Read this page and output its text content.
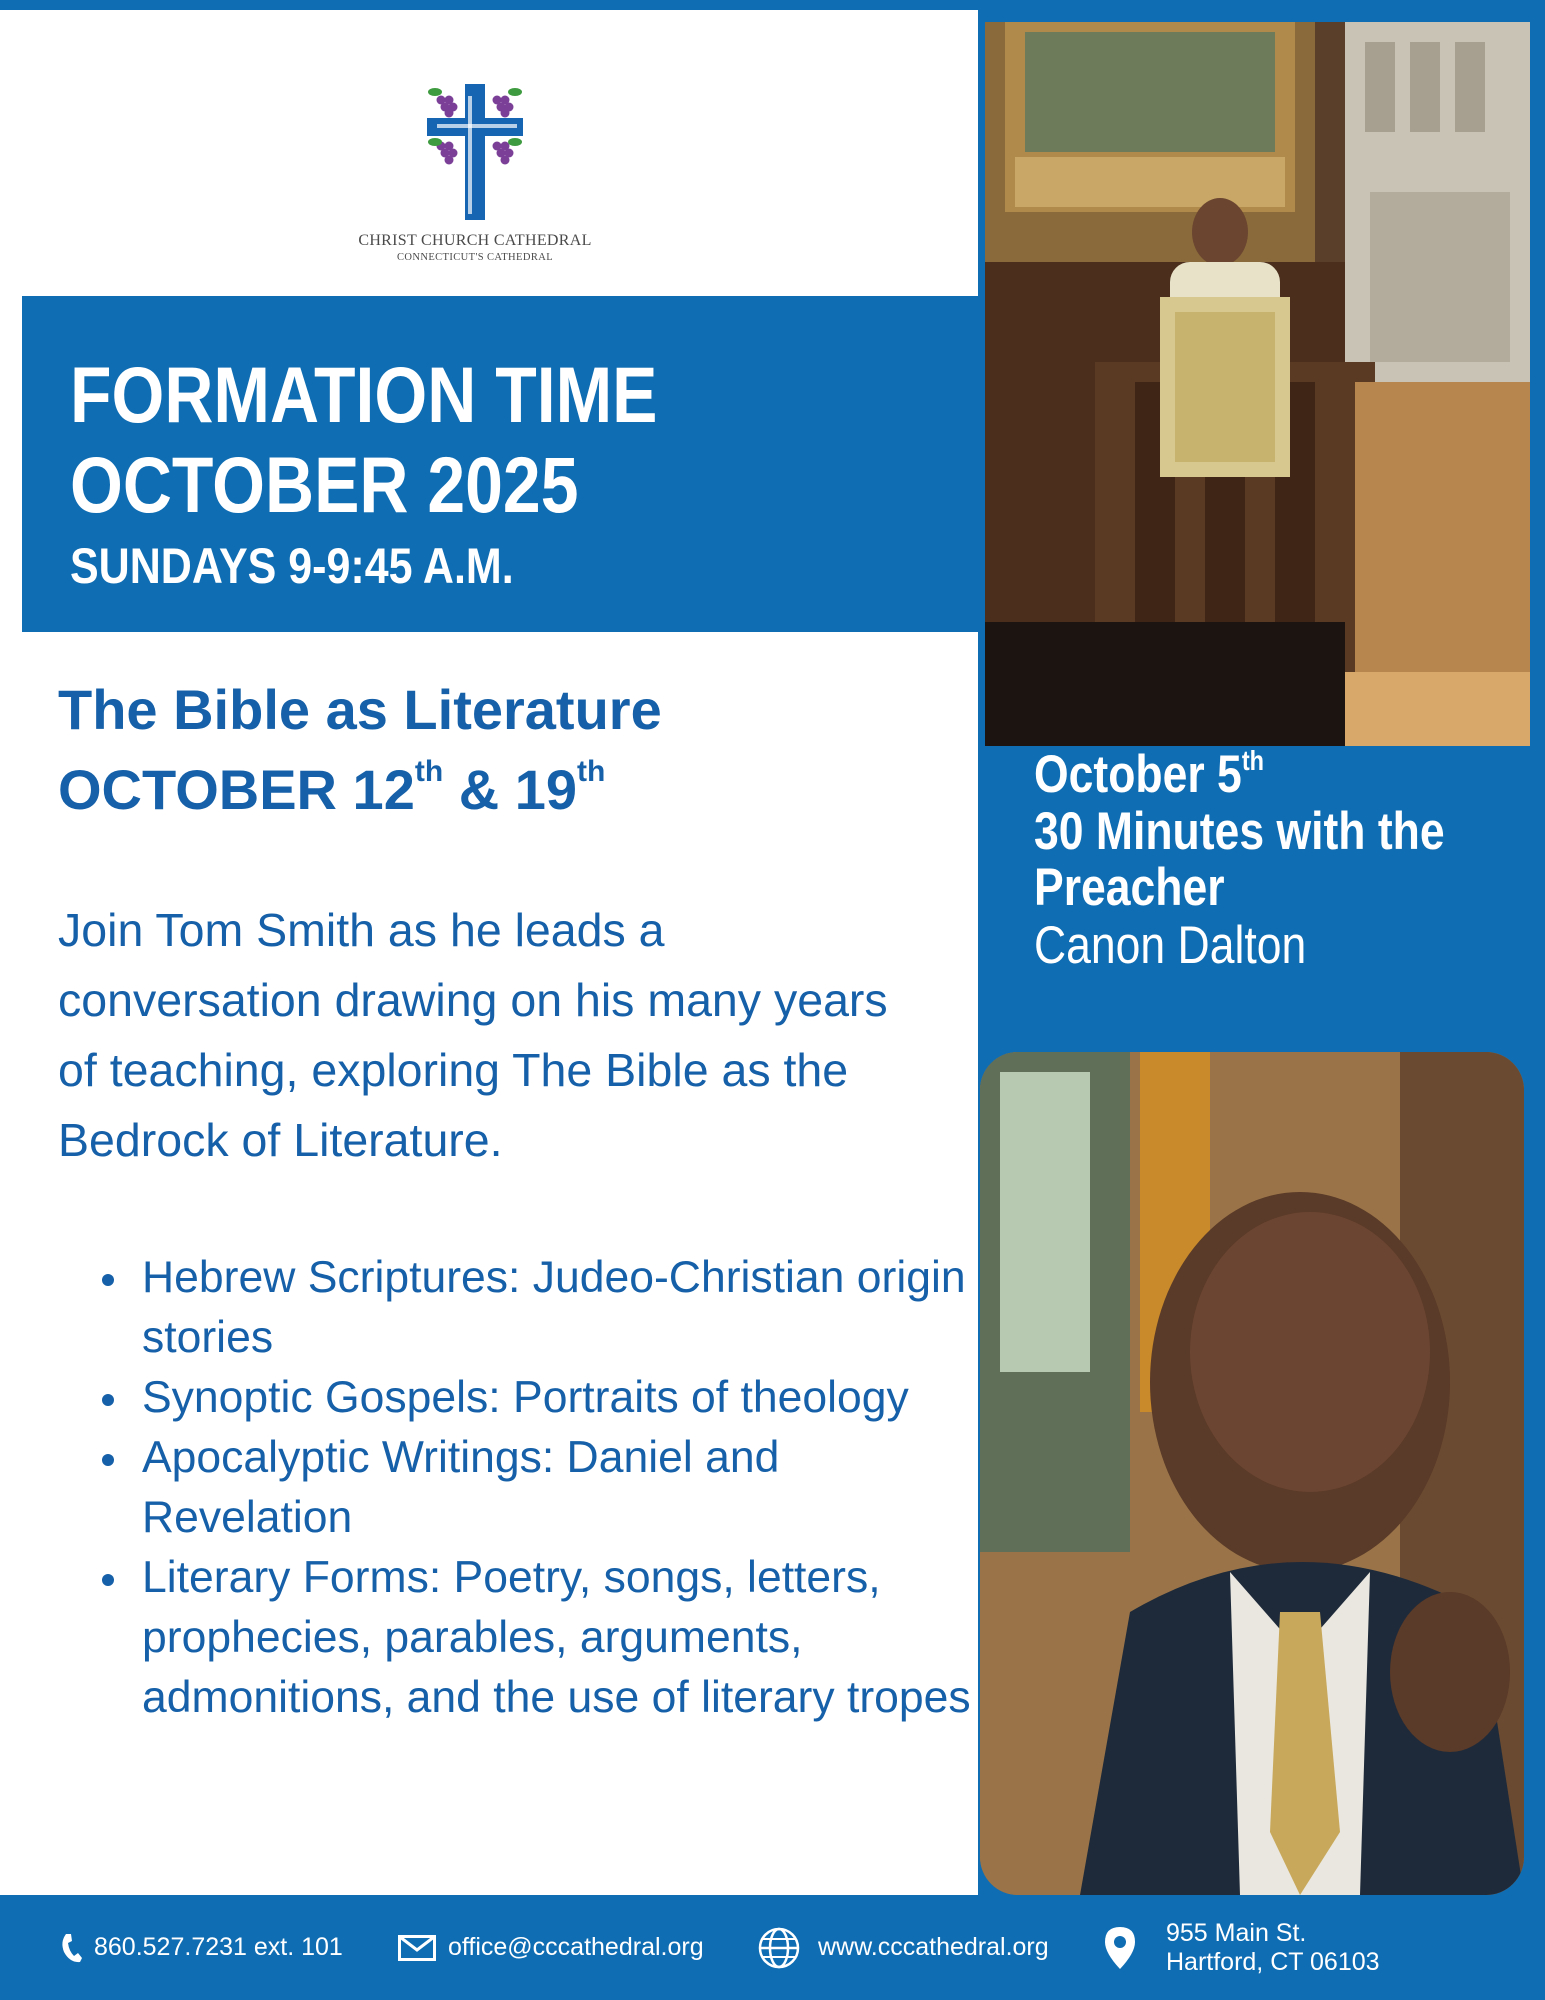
CHRIST CHURCH CATHEDRAL
CONNECTICUT'S CATHEDRAL
The Bible as Literature
OCTOBER 12th & 19th

Join Tom Smith as he leads a conversation drawing on his many years of teaching, exploring The Bible as the Bedrock of Literature.

Hebrew Scriptures: Judeo-Christian origin stories
Synoptic Gospels: Portraits of theology
Apocalyptic Writings: Daniel and Revelation
Literary Forms: Poetry, songs, letters, prophecies, parables, arguments, admonitions, and the use of literary tropes
FORMATION TIME
OCTOBER 2025
SUNDAYS 9-9:45 A.M.
October 5th
30 Minutes with the
Preacher
Canon Dalton
860.527.7231 ext. 101	office@cccathedral.org	www.cccathedral.org
955 Main St.
Hartford, CT 06103
